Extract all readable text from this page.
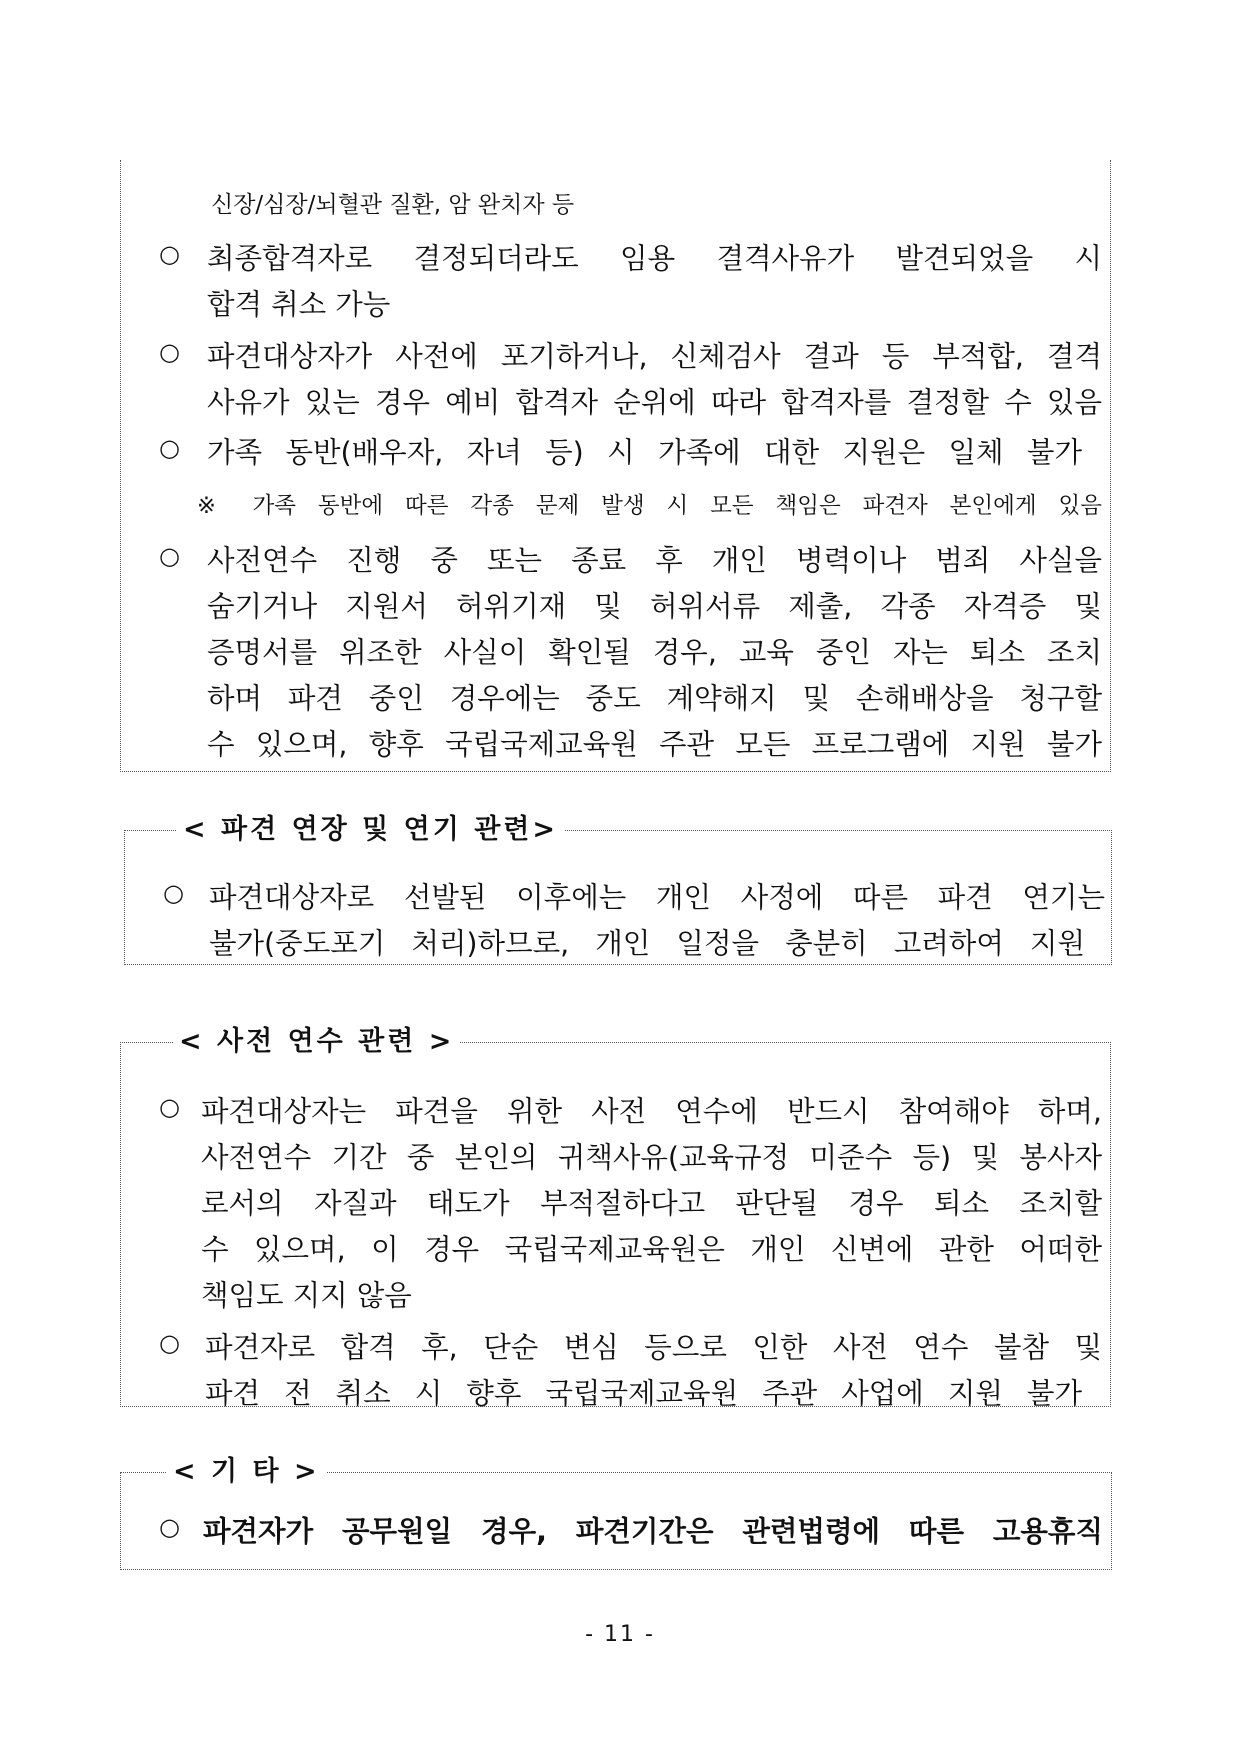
신장/심장/뇌혈관 질환, 암 완치자 등
○ 최종합격자로 결정되더라도 임용 결격사유가 발견되었을 시
합격 취소 가능
○ 파견대상자가 사전에 포기하거나, 신체검사 결과 등 부적합, 결격
사유가 있는 경우 예비 합격자 순위에 따라 합격자를 결정할 수 있음
○ 가족 동반(배우자, 자녀 등) 시 가족에 대한 지원은 일체 불가
※ 가족 동반에 따른 각종 문제 발생 시 모든 책임은 파견자 본인에게 있음
○ 사전연수 진행 중 또는 종료 후 개인 병력이나 범죄 사실을
숨기거나 지원서 허위기재 및 허위서류 제출, 각종 자격증 및
증명서를 위조한 사실이 확인될 경우, 교육 중인 자는 퇴소 조치
하며 파견 중인 경우에는 중도 계약해지 및 손해배상을 청구할
수 있으며, 향후 국립국제교육원 주관 모든 프로그램에 지원 불가
< 파견 연장 및 연기 관련>
○ 파견대상자로 선발된 이후에는 개인 사정에 따른 파견 연기는
불가(중도포기 처리)하므로, 개인 일정을 충분히 고려하여 지원
< 사전 연수 관련 >
○ 파견대상자는 파견을 위한 사전 연수에 반드시 참여해야 하며,
사전연수 기간 중 본인의 귀책사유(교육규정 미준수 등) 및 봉사자
로서의 자질과 태도가 부적절하다고 판단될 경우 퇴소 조치할
수 있으며, 이 경우 국립국제교육원은 개인 신변에 관한 어떠한
책임도 지지 않음
○ 파견자로 합격 후, 단순 변심 등으로 인한 사전 연수 불참 및
파견 전 취소 시 향후 국립국제교육원 주관 사업에 지원 불가
< 기 타 >
○ 파견자가 공무원일 경우, 파견기간은 관련법령에 따른 고용휴직
- 11 -
